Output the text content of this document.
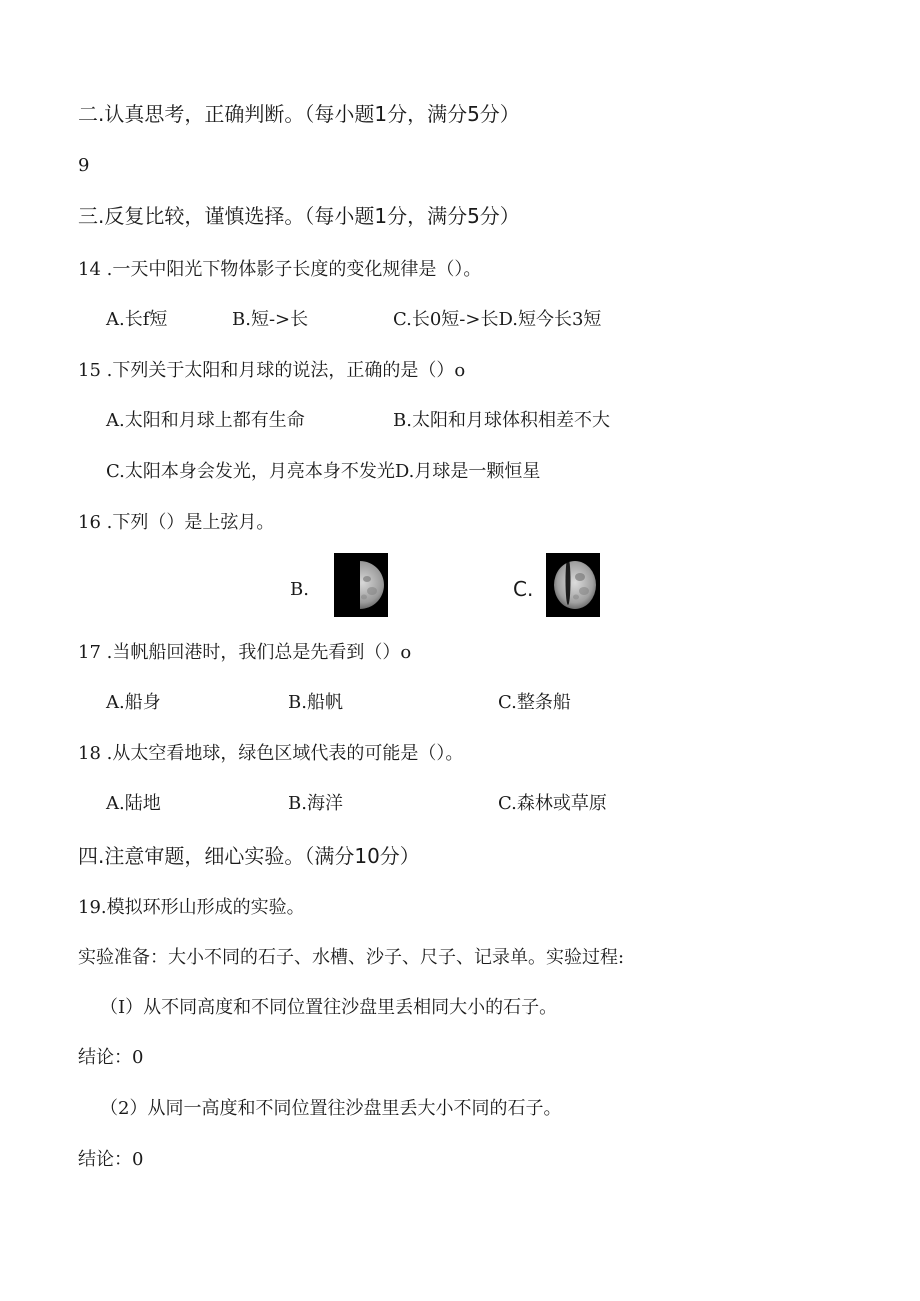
二.认真思考，正确判断。（每小题1分，满分5分）
9
三.反复比较，谨慎选择。（每小题1分，满分5分）
14 .一天中阳光下物体影子长度的变化规律是（）。
A.长f短	B.短->长	C.长0短->长D.短今长3短
15 .下列关于太阳和月球的说法，正确的是（）o
A.太阳和月球上都有生命	B.太阳和月球体积相差不大
C.太阳本身会发光，月亮本身不发光D.月球是一颗恒星
16 .下列（）是上弦月。
B.	C.
17 .当帆船回港时，我们总是先看到（）o
A.船身	B.船帆	C.整条船
18 .从太空看地球，绿色区域代表的可能是（）。
A.陆地	B.海洋	C.森林或草原
四.注意审题，细心实验。（满分10分）
19.模拟环形山形成的实验。
实验准备：大小不同的石子、水槽、沙子、尺子、记录单。实验过程:
（I）从不同高度和不同位置往沙盘里丢相同大小的石子。
结论：0
（2）从同一高度和不同位置往沙盘里丢大小不同的石子。
结论：0
